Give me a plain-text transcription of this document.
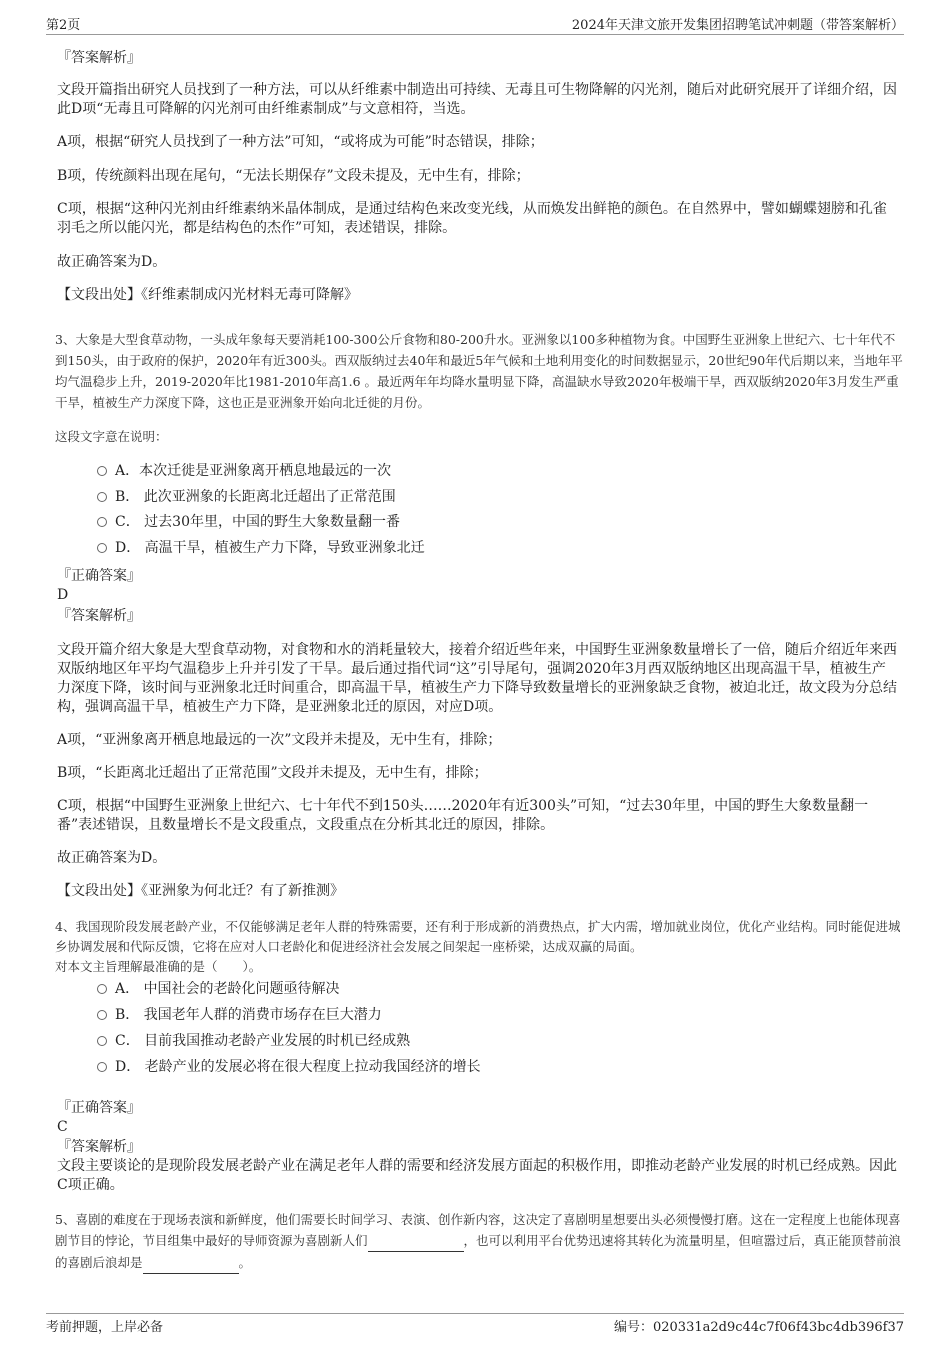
第2页	2024年天津文旅开发集团招聘笔试冲刺题（带答案解析）

『答案解析』

文段开篇指出研究人员找到了一种方法，可以从纤维素中制造出可持续、无毒且可生物降解的闪光剂，随后对此研究展开了详细介绍，因此D项“无毒且可降解的闪光剂可由纤维素制成”与文意相符，当选。

A项，根据“研究人员找到了一种方法”可知，“或将成为可能”时态错误，排除；

B项，传统颜料出现在尾句，“无法长期保存”文段未提及，无中生有，排除；

C项，根据“这种闪光剂由纤维素纳米晶体制成，是通过结构色来改变光线，从而焕发出鲜艳的颜色。在自然界中，譬如蝴蝶翅膀和孔雀羽毛之所以能闪光，都是结构色的杰作”可知，表述错误，排除。

故正确答案为D。

【文段出处】《纤维素制成闪光材料无毒可降解》

3、大象是大型食草动物，一头成年象每天要消耗100-300公斤食物和80-200升水。亚洲象以100多种植物为食。中国野生亚洲象上世纪六、七十年代不到150头，由于政府的保护，2020年有近300头。西双版纳过去40年和最近5年气候和土地利用变化的时间数据显示，20世纪90年代后期以来，当地年平均气温稳步上升，2019-2020年比1981-2010年高1.6 。最近两年年均降水量明显下降，高温缺水导致2020年极端干旱，西双版纳2020年3月发生严重干旱，植被生产力深度下降，这也正是亚洲象开始向北迁徙的月份。

这段文字意在说明：

A．本次迁徙是亚洲象离开栖息地最远的一次
B． 此次亚洲象的长距离北迁超出了正常范围
C． 过去30年里，中国的野生大象数量翻一番
D． 高温干旱，植被生产力下降，导致亚洲象北迁

『正确答案』

D

『答案解析』

文段开篇介绍大象是大型食草动物，对食物和水的消耗量较大，接着介绍近些年来，中国野生亚洲象数量增长了一倍，随后介绍近年来西双版纳地区年平均气温稳步上升并引发了干旱。最后通过指代词“这”引导尾句，强调2020年3月西双版纳地区出现高温干旱，植被生产力深度下降，该时间与亚洲象北迁时间重合，即高温干旱，植被生产力下降导致数量增长的亚洲象缺乏食物，被迫北迁，故文段为分总结构，强调高温干旱，植被生产力下降，是亚洲象北迁的原因，对应D项。

A项，“亚洲象离开栖息地最远的一次”文段并未提及，无中生有，排除；

B项，“长距离北迁超出了正常范围”文段并未提及，无中生有，排除；

C项，根据“中国野生亚洲象上世纪六、七十年代不到150头……2020年有近300头”可知，“过去30年里，中国的野生大象数量翻一番”表述错误，且数量增长不是文段重点，文段重点在分析其北迁的原因，排除。

故正确答案为D。

【文段出处】《亚洲象为何北迁？有了新推测》

4、我国现阶段发展老龄产业，不仅能够满足老年人群的特殊需要，还有利于形成新的消费热点，扩大内需，增加就业岗位，优化产业结构。同时能促进城乡协调发展和代际反馈，它将在应对人口老龄化和促进经济社会发展之间架起一座桥梁，达成双赢的局面。

对本文主旨理解最准确的是（　　）。

A． 中国社会的老龄化问题亟待解决
B． 我国老年人群的消费市场存在巨大潜力
C． 目前我国推动老龄产业发展的时机已经成熟
D． 老龄产业的发展必将在很大程度上拉动我国经济的增长

『正确答案』

C

『答案解析』

文段主要谈论的是现阶段发展老龄产业在满足老年人群的需要和经济发展方面起的积极作用，即推动老龄产业发展的时机已经成熟。因此C项正确。

5、喜剧的难度在于现场表演和新鲜度，他们需要长时间学习、表演、创作新内容，这决定了喜剧明星想要出头必须慢慢打磨。这在一定程度上也能体现喜剧节目的悖论，节目组集中最好的导师资源为喜剧新人们	，也可以利用平台优势迅速将其转化为流量明星，但喧嚣过后，真正能顶替前浪的喜剧后浪却是	。

考前押题，上岸必备	编号：020331a2d9c44c7f06f43bc4db396f37
